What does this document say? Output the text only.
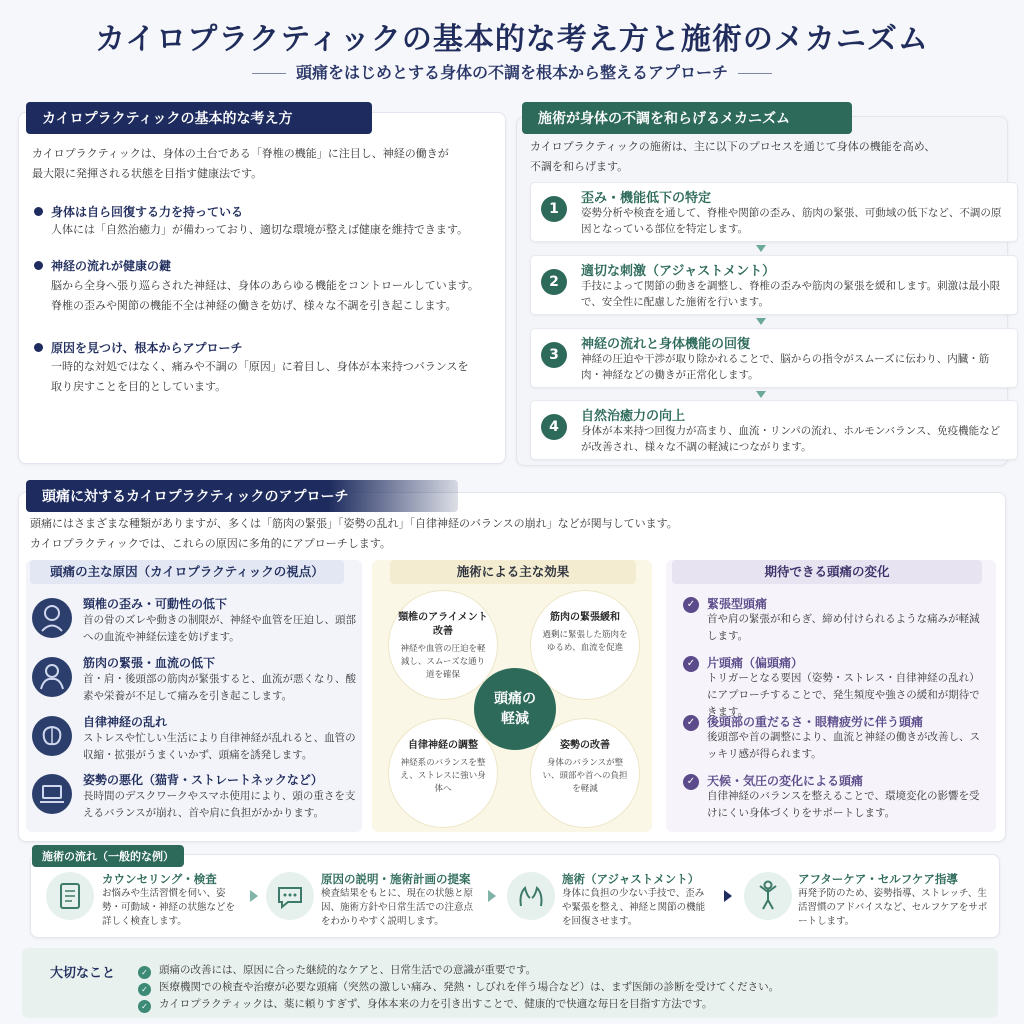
カイロプラクティックの基本的な考え方と施術のメカニズム
頭痛をはじめとする身体の不調を根本から整えるアプローチ
カイロプラクティックの基本的な考え方
カイロプラクティックは、身体の土台である「脊椎の機能」に注目し、神経の働きが
最大限に発揮される状態を目指す健康法です。
身体は自ら回復する力を持っている
人体には「自然治癒力」が備わっており、適切な環境が整えば健康を維持できます。
神経の流れが健康の鍵
脳から全身へ張り巡らされた神経は、身体のあらゆる機能をコントロールしています。
脊椎の歪みや関節の機能不全は神経の働きを妨げ、様々な不調を引き起こします。
原因を見つけ、根本からアプローチ
一時的な対処ではなく、痛みや不調の「原因」に着目し、身体が本来持つバランスを
取り戻すことを目的としています。
施術が身体の不調を和らげるメカニズム
カイロプラクティックの施術は、主に以下のプロセスを通じて身体の機能を高め、
不調を和らげます。
1
歪み・機能低下の特定
姿勢分析や検査を通して、脊椎や関節の歪み、筋肉の緊張、可動域の低下など、不調の原因となっている部位を特定します。
2
適切な刺激（アジャストメント）
手技によって関節の動きを調整し、脊椎の歪みや筋肉の緊張を緩和します。刺激は最小限で、安全性に配慮した施術を行います。
3
神経の流れと身体機能の回復
神経の圧迫や干渉が取り除かれることで、脳からの指令がスムーズに伝わり、内臓・筋肉・神経などの働きが正常化します。
4
自然治癒力の向上
身体が本来持つ回復力が高まり、血流・リンパの流れ、ホルモンバランス、免疫機能などが改善され、様々な不調の軽減につながります。
頭痛に対するカイロプラクティックのアプローチ
頭痛にはさまざまな種類がありますが、多くは「筋肉の緊張」「姿勢の乱れ」「自律神経のバランスの崩れ」などが関与しています。
カイロプラクティックでは、これらの原因に多角的にアプローチします。
頭痛の主な原因（カイロプラクティックの視点）
頸椎の歪み・可動性の低下
首の骨のズレや動きの制限が、神経や血管を圧迫し、頭部への血流や神経伝達を妨げます。
筋肉の緊張・血流の低下
首・肩・後頭部の筋肉が緊張すると、血流が悪くなり、酸素や栄養が不足して痛みを引き起こします。
自律神経の乱れ
ストレスや忙しい生活により自律神経が乱れると、血管の収縮・拡張がうまくいかず、頭痛を誘発します。
姿勢の悪化（猫背・ストレートネックなど）
長時間のデスクワークやスマホ使用により、頭の重さを支えるバランスが崩れ、首や肩に負担がかかります。
施術による主な効果
頸椎のアライメント改善
神経や血管の圧迫を軽減し、スムーズな通り道を確保
筋肉の緊張緩和
過剰に緊張した筋肉をゆるめ、血流を促進
自律神経の調整
神経系のバランスを整え、ストレスに強い身体へ
姿勢の改善
身体のバランスが整い、頭部や首への負担を軽減
頭痛の軽減
期待できる頭痛の変化
✓ 緊張型頭痛
首や肩の緊張が和らぎ、締め付けられるような痛みが軽減します。
✓ 片頭痛（偏頭痛）
トリガーとなる要因（姿勢・ストレス・自律神経の乱れ）にアプローチすることで、発生頻度や強さの緩和が期待できます。
✓ 後頭部の重だるさ・眼精疲労に伴う頭痛
後頭部や首の調整により、血流と神経の働きが改善し、スッキリ感が得られます。
✓ 天候・気圧の変化による頭痛
自律神経のバランスを整えることで、環境変化の影響を受けにくい身体づくりをサポートします。
施術の流れ（一般的な例）
カウンセリング・検査
お悩みや生活習慣を伺い、姿勢・可動域・神経の状態などを詳しく検査します。
原因の説明・施術計画の提案
検査結果をもとに、現在の状態と原因、施術方針や日常生活での注意点をわかりやすく説明します。
施術（アジャストメント）
身体に負担の少ない手技で、歪みや緊張を整え、神経と関節の機能を回復させます。
アフターケア・セルフケア指導
再発予防のため、姿勢指導、ストレッチ、生活習慣のアドバイスなど、セルフケアをサポートします。
大切なこと	✓ 頭痛の改善には、原因に合った継続的なケアと、日常生活での意識が重要です。
✓ 医療機関での検査や治療が必要な頭痛（突然の激しい痛み、発熱・しびれを伴う場合など）は、まず医師の診断を受けてください。
✓ カイロプラクティックは、薬に頼りすぎず、身体本来の力を引き出すことで、健康的で快適な毎日を目指す方法です。
